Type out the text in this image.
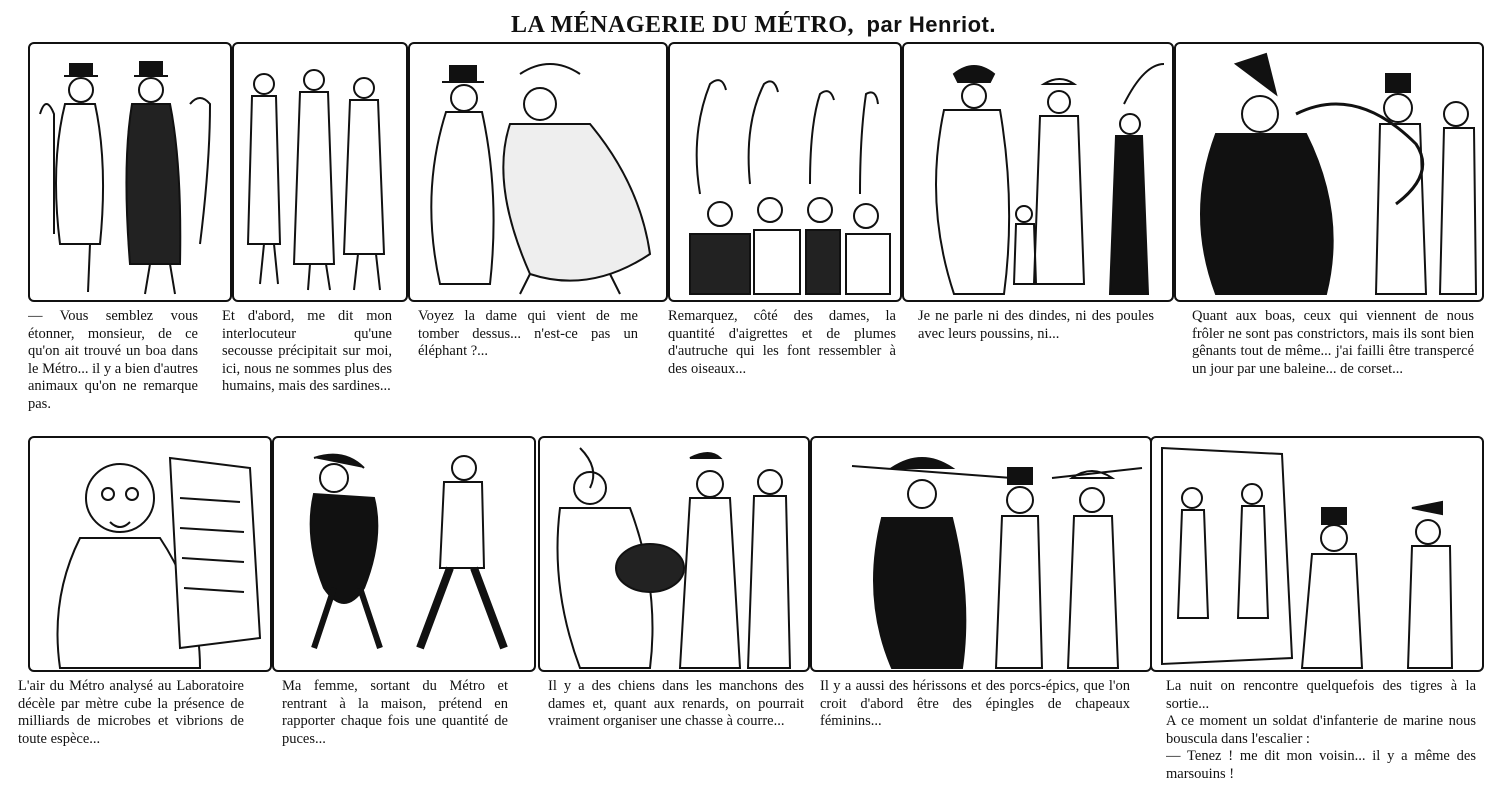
LA MÉNAGERIE DU MÉTRO, par Henriot.
— Vous semblez vous étonner, monsieur, de ce qu'on ait trouvé un boa dans le Métro... il y a bien d'autres animaux qu'on ne remarque pas.
Et d'abord, me dit mon interlocuteur qu'une secousse précipitait sur moi, ici, nous ne sommes plus des humains, mais des sardines...
Voyez la dame qui vient de me tomber dessus... n'est-ce pas un éléphant ?...
Remarquez, côté des dames, la quantité d'aigrettes et de plumes d'autruche qui les font ressembler à des oiseaux...
Je ne parle ni des dindes, ni des poules avec leurs poussins, ni...
Quant aux boas, ceux qui viennent de nous frôler ne sont pas constrictors, mais ils sont bien gênants tout de même... j'ai failli être transpercé un jour par une baleine... de corset...
L'air du Métro analysé au Laboratoire décèle par mètre cube la présence de milliards de microbes et vibrions de toute espèce...
Ma femme, sortant du Métro et rentrant à la maison, prétend en rapporter chaque fois une quantité de puces...
Il y a des chiens dans les manchons des dames et, quant aux renards, on pourrait vraiment organiser une chasse à courre...
Il y a aussi des hérissons et des porcs-épics, que l'on croit d'abord être des épingles de chapeaux féminins...
La nuit on rencontre quelquefois des tigres à la sortie...
A ce moment un soldat d'infanterie de marine nous bouscula dans l'escalier :
— Tenez ! me dit mon voisin... il y a même des marsouins !
